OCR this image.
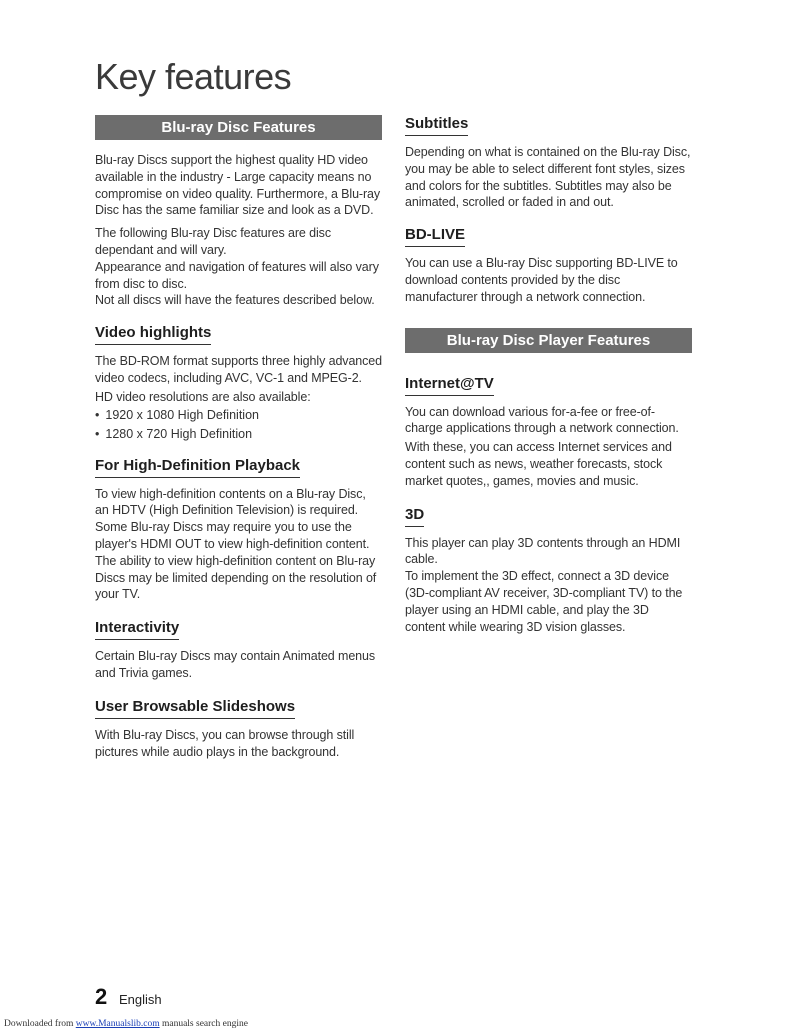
Key features
Blu-ray Disc Features

Blu-ray Discs support the highest quality HD video available in the industry - Large capacity means no compromise on video quality. Furthermore, a Blu-ray Disc has the same familiar size and look as a DVD.

The following Blu-ray Disc features are disc dependant and will vary.

Appearance and navigation of features will also vary from disc to disc.

Not all discs will have the features described below.

Video highlights

The BD-ROM format supports three highly advanced video codecs, including AVC, VC-1 and MPEG-2.

HD video resolutions are also available:

• 1920 x 1080 High Definition

• 1280 x 720 High Definition

For High-Definition Playback

To view high-definition contents on a Blu-ray Disc, an HDTV (High Definition Television) is required. Some Blu-ray Discs may require you to use the player's HDMI OUT to view high-definition content. The ability to view high-definition content on Blu-ray Discs may be limited depending on the resolution of your TV.

Interactivity

Certain Blu-ray Discs may contain Animated menus and Trivia games.

User Browsable Slideshows

With Blu-ray Discs, you can browse through still pictures while audio plays in the background.

Subtitles

Depending on what is contained on the Blu-ray Disc, you may be able to select different font styles, sizes and colors for the subtitles. Subtitles may also be animated, scrolled or faded in and out.

BD-LIVE

You can use a Blu-ray Disc supporting BD-LIVE to download contents provided by the disc manufacturer through a network connection.

Blu-ray Disc Player Features
Internet@TV

You can download various for-a-fee or free-of-charge applications through a network connection.

With these, you can access Internet services and content such as news, weather forecasts, stock market quotes,, games, movies and music.

3D

This player can play 3D contents through an HDMI cable.

To implement the 3D effect, connect a 3D device (3D-compliant AV receiver, 3D-compliant TV) to the player using an HDMI cable, and play the 3D content while wearing 3D vision glasses.

2 English
Downloaded from www.Manualslib.com manuals search engine
